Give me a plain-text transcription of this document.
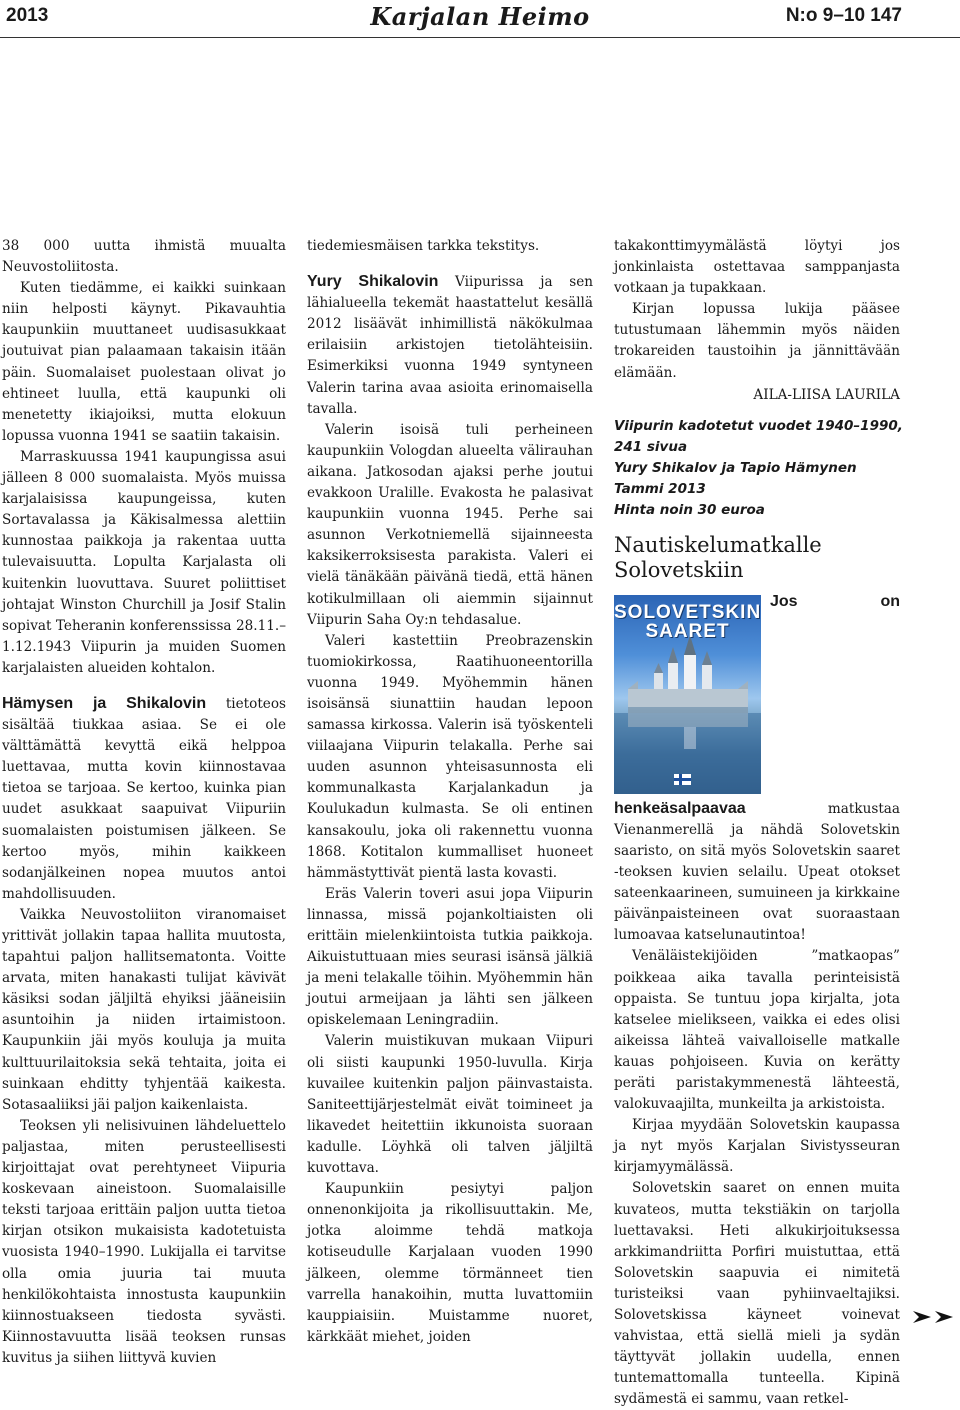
2013	Karjalan Heimo	N:o 9–10 147

38 000 uutta ihmistä muualta Neuvostoliitosta.

Kuten tiedämme, ei kaikki suinkaan niin helposti käynyt. Pikavauhtia kaupunkiin muuttaneet uudisasukkaat joutuivat pian palaamaan takaisin itään päin. Suomalaiset puolestaan olivat jo ehtineet luulla, että kaupunki oli menetetty ikiajoiksi, mutta elokuun lopussa vuonna 1941 se saatiin takaisin.

Marraskuussa 1941 kaupungissa asui jälleen 8 000 suomalaista. Myös muissa karjalaisissa kaupungeissa, kuten Sortavalassa ja Käkisalmessa alettiin kunnostaa paikkoja ja rakentaa uutta tulevaisuutta. Lopulta Karjalasta oli kuitenkin luovuttava. Suuret poliittiset johtajat Winston Churchill ja Josif Stalin sopivat Teheranin konferenssissa 28.11.–1.12.1943 Viipurin ja muiden Suomen karjalaisten alueiden kohtalon.

Hämysen ja Shikalovin tietoteos sisältää tiukkaa asiaa. Se ei ole välttämättä kevyttä eikä helppoa luettavaa, mutta kovin kiinnostavaa tietoa se tarjoaa. Se kertoo, kuinka pian uudet asukkaat saapuivat Viipuriin suomalaisten poistumisen jälkeen. Se kertoo myös, mihin kaikkeen sodanjälkeinen nopea muutos antoi mahdollisuuden.

Vaikka Neuvostoliiton viranomaiset yrittivät jollakin tapaa hallita muutosta, tapahtui paljon hallitsematonta. Voitte arvata, miten hanakasti tulijat kävivät käsiksi sodan jäljiltä ehyiksi jääneisiin asuntoihin ja niiden irtaimistoon. Kaupunkiin jäi myös kouluja ja muita kulttuurilaitoksia sekä tehtaita, joita ei suinkaan ehditty tyhjentää kaikesta. Sotasaaliiksi jäi paljon kaikenlaista.

Teoksen yli nelisivuinen lähdeluettelo paljastaa, miten perusteellisesti kirjoittajat ovat perehtyneet Viipuria koskevaan aineistoon. Suomalaisille teksti tarjoaa erittäin paljon uutta tietoa kirjan otsikon mukaisista kadotetuista vuosista 1940–1990. Lukijalla ei tarvitse olla omia juuria tai muuta henkilökohtaista innostusta kaupunkiin kiinnostuakseen tiedosta syvästi. Kiinnostavuutta lisää teoksen runsas kuvitus ja siihen liittyvä kuvien

tiedemiesmäisen tarkka tekstitys.

Yury Shikalovin Viipurissa ja sen lähialueella tekemät haastattelut kesällä 2012 lisäävät inhimillistä näkökulmaa erilaisiin arkistojen tietolähteisiin. Esimerkiksi vuonna 1949 syntyneen Valerin tarina avaa asioita erinomaisella tavalla.

Valerin isoisä tuli perheineen kaupunkiin Vologdan alueelta välirauhan aikana. Jatkosodan ajaksi perhe joutui evakkoon Uralille. Evakosta he palasivat kaupunkiin vuonna 1945. Perhe sai asunnon Verkotniemellä sijainneesta kaksikerroksisesta parakista. Valeri ei vielä tänäkään päivänä tiedä, että hänen kotikulmillaan oli aiemmin sijainnut Viipurin Saha Oy:n tehdasalue.

Valeri kastettiin Preobrazenskin tuomiokirkossa, Raatihuoneentorilla vuonna 1949. Myöhemmin hänen isoisänsä siunattiin haudan lepoon samassa kirkossa. Valerin isä työskenteli viilaajana Viipurin telakalla. Perhe sai uuden asunnon yhteisasunnosta eli kommunalkasta Karjalankadun ja Koulukadun kulmasta. Se oli entinen kansakoulu, joka oli rakennettu vuonna 1868. Kotitalon kummalliset huoneet hämmästyttivät pientä lasta kovasti.

Eräs Valerin toveri asui jopa Viipurin linnassa, missä pojankoltiaisten oli erittäin mielenkiintoista tutkia paikkoja. Aikuistuttuaan mies seurasi isänsä jälkiä ja meni telakalle töihin. Myöhemmin hän joutui armeijaan ja lähti sen jälkeen opiskelemaan Leningradiin.

Valerin muistikuvan mukaan Viipuri oli siisti kaupunki 1950-luvulla. Kirja kuvailee kuitenkin paljon päinvastaista. Saniteettijärjestelmät eivät toimineet ja likavedet heitettiin ikkunoista suoraan kadulle. Löyhkä oli talven jäljiltä kuvottava.

Kaupunkiin pesiytyi paljon onnenonkijoita ja rikollisuuttakin. Me, jotka aloimme tehdä matkoja kotiseudulle Karjalaan vuoden 1990 jälkeen, olemme törmänneet tien varrella hanakoihin, mutta luvattomiin kauppiaisiin. Muistamme nuoret, kärkkäät miehet, joiden

takakonttimyymälästä löytyi jos jonkinlaista ostettavaa samppanjasta votkaan ja tupakkaan.

Kirjan lopussa lukija pääsee tutustumaan lähemmin myös näiden trokareiden taustoihin ja jännittävään elämään.

AILA-LIISA LAURILA

Viipurin kadotetut vuodet 1940–1990,
241 sivua
Yury Shikalov ja Tapio Hämynen
Tammi 2013
Hinta noin 30 euroa
Nautiskelumatkalle Solovetskiin
SOLOVETSKIN
SAARET

Jos on henkeäsalpaavaa matkustaa Vienanmerellä ja nähdä Solovetskin saaristo, on sitä myös Solovetskin saaret -teoksen kuvien selailu. Upeat otokset sateenkaarineen, sumuineen ja kirkkaine päivänpaisteineen ovat suoraastaan lumoavaa katselunautintoa!

Venäläistekijöiden ”matkaopas” poikkeaa aika tavalla perinteisistä oppaista. Se tuntuu jopa kirjalta, jota katselee mielikseen, vaikka ei edes olisi aikeissa lähteä vaivalloiselle matkalle kauas pohjoiseen. Kuvia on kerätty peräti paristakymmenestä lähteestä, valokuvaajilta, munkeilta ja arkistoista.

Kirjaa myydään Solovetskin kaupassa ja nyt myös Karjalan Sivistysseuran kirjamyymälässä.

Solovetskin saaret on ennen muita kuvateos, mutta tekstiäkin on tarjolla luettavaksi. Heti alkukirjoituksessa arkkimandriitta Porfiri muistuttaa, että Solovetskin saapuvia ei nimitetä turisteiksi vaan pyhiinvaeltajiksi. Solovetskissa käyneet voinevat vahvistaa, että siellä mieli ja sydän täyttyvät jollakin uudella, ennen tuntemattomalla tunteella. Kipinä sydämestä ei sammu, vaan retkel-
